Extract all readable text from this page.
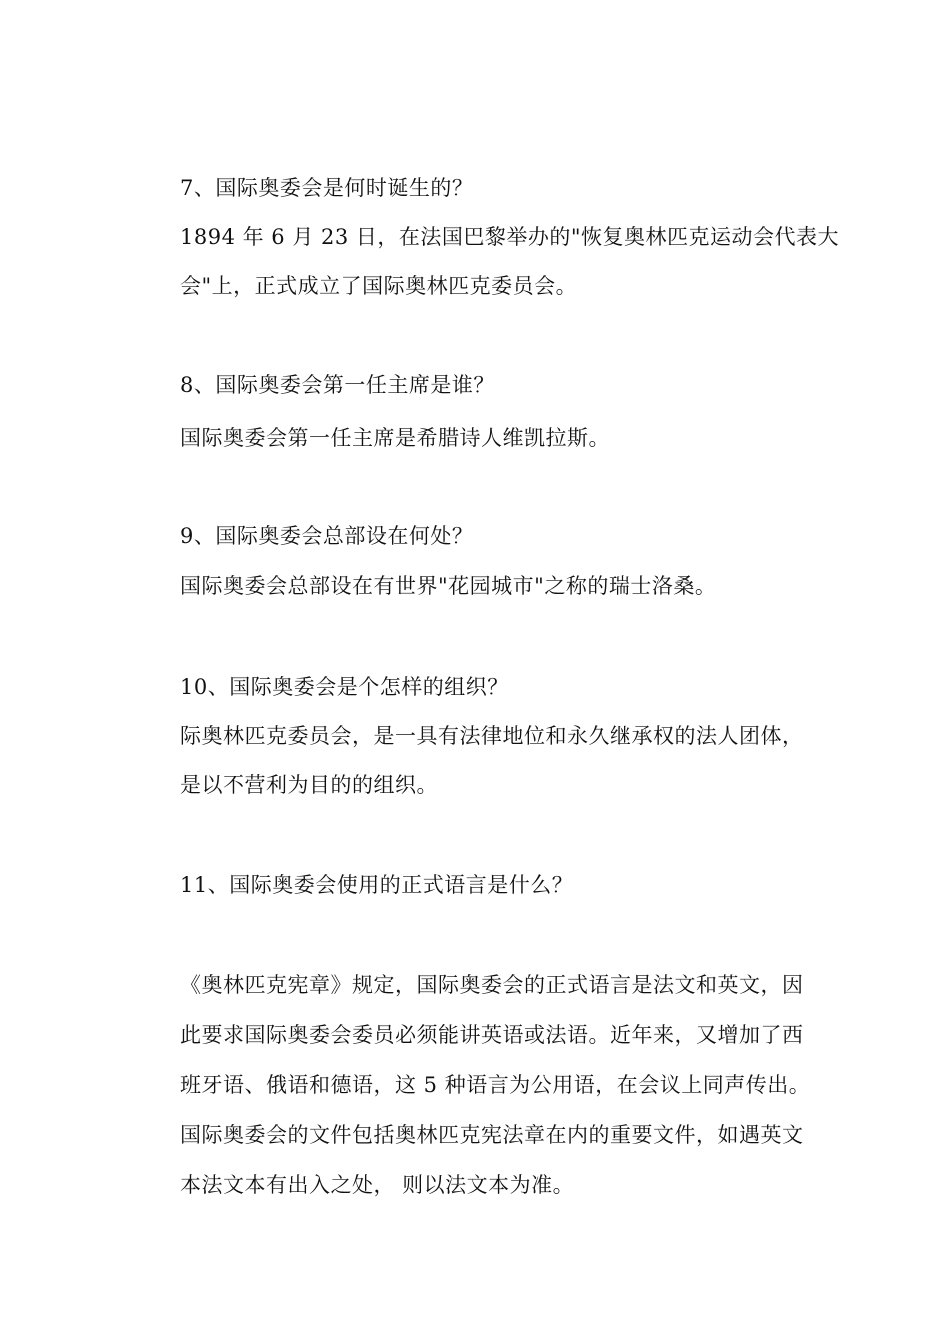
7、国际奥委会是何时诞生的？
1894 年 6 月 23 日，在法国巴黎举办的"恢复奥林匹克运动会代表大
会"上，正式成立了国际奥林匹克委员会。
8、国际奥委会第一任主席是谁？
国际奥委会第一任主席是希腊诗人维凯拉斯。
9、国际奥委会总部设在何处？
国际奥委会总部设在有世界"花园城市"之称的瑞士洛桑。
10、国际奥委会是个怎样的组织？
际奥林匹克委员会，是一具有法律地位和永久继承权的法人团体，
是以不营利为目的的组织。
11、国际奥委会使用的正式语言是什么？
《奥林匹克宪章》规定，国际奥委会的正式语言是法文和英文，因
此要求国际奥委会委员必须能讲英语或法语。近年来，又增加了西
班牙语、俄语和德语，这 5 种语言为公用语，在会议上同声传出。
国际奥委会的文件包括奥林匹克宪法章在内的重要文件，如遇英文
本法文本有出入之处， 则以法文本为准。
